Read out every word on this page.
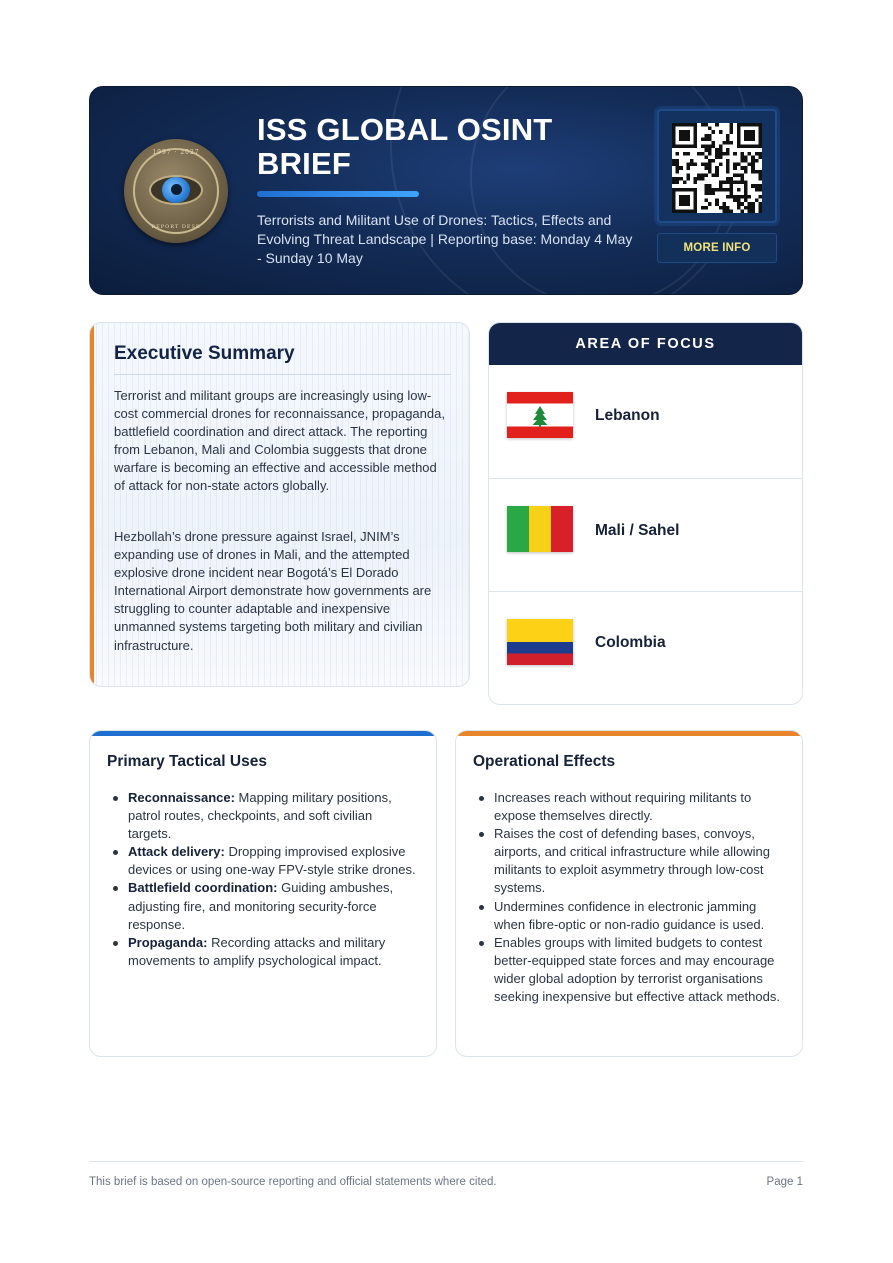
1997 · 2027
REPORT DESK
ISS GLOBAL OSINT BRIEF
Terrorists and Militant Use of Drones: Tactics, Effects and Evolving Threat Landscape | Reporting base: Monday 4 May - Sunday 10 May
MORE INFO
Executive Summary

Terrorist and militant groups are increasingly using low-cost commercial drones for reconnaissance, propaganda, battlefield coordination and direct attack. The reporting from Lebanon, Mali and Colombia suggests that drone warfare is becoming an effective and accessible method of attack for non-state actors globally.

Hezbollah’s drone pressure against Israel, JNIM’s expanding use of drones in Mali, and the attempted explosive drone incident near Bogotá’s El Dorado International Airport demonstrate how governments are struggling to counter adaptable and inexpensive unmanned systems targeting both military and civilian infrastructure.

AREA OF FOCUS
Lebanon
Mali / Sahel
Colombia
Primary Tactical Uses
Reconnaissance: Mapping military positions, patrol routes, checkpoints, and soft civilian targets.
Attack delivery: Dropping improvised explosive devices or using one-way FPV-style strike drones.
Battlefield coordination: Guiding ambushes, adjusting fire, and monitoring security-force response.
Propaganda: Recording attacks and military movements to amplify psychological impact.
Operational Effects
Increases reach without requiring militants to expose themselves directly.
Raises the cost of defending bases, convoys, airports, and critical infrastructure while allowing militants to exploit asymmetry through low-cost systems.
Undermines confidence in electronic jamming when fibre-optic or non-radio guidance is used.
Enables groups with limited budgets to contest better-equipped state forces and may encourage wider global adoption by terrorist organisations seeking inexpensive but effective attack methods.
This brief is based on open-source reporting and official statements where cited.	Page 1
